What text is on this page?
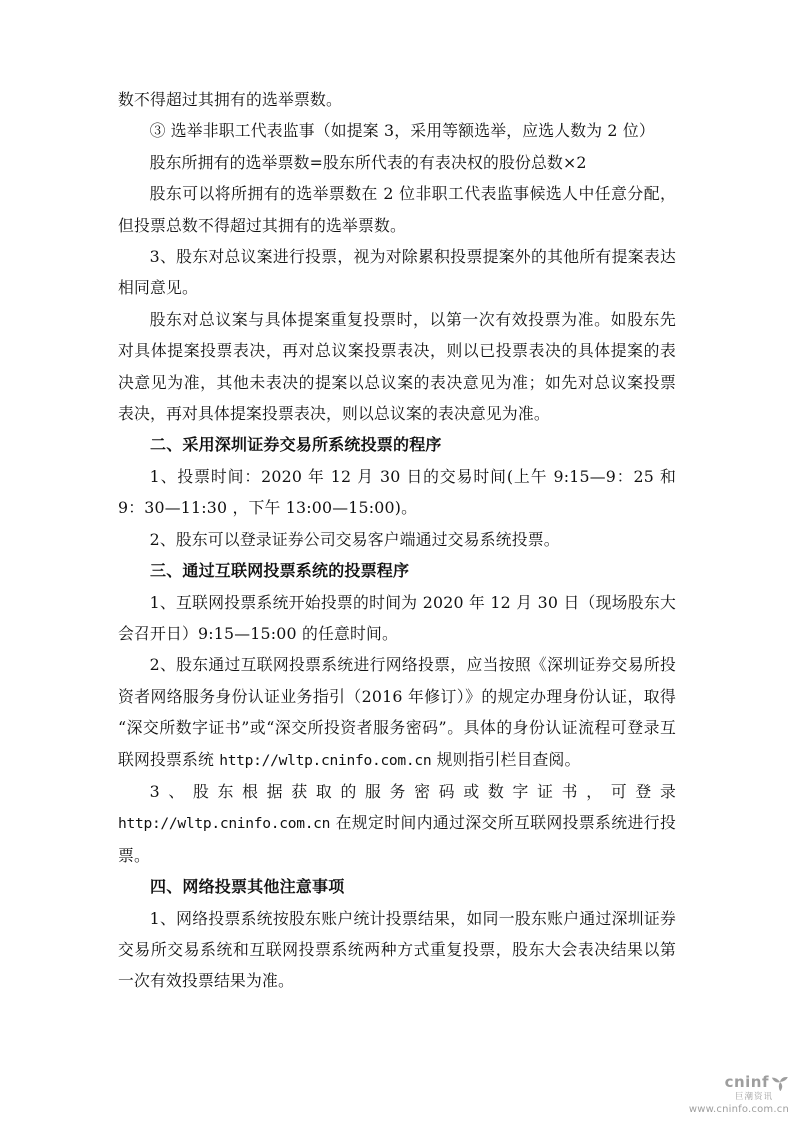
数不得超过其拥有的选举票数。
③ 选举非职工代表监事（如提案 3，采用等额选举，应选人数为 2 位）
股东所拥有的选举票数=股东所代表的有表决权的股份总数×2
股东可以将所拥有的选举票数在 2 位非职工代表监事候选人中任意分配，但投票总数不得超过其拥有的选举票数。
3、股东对总议案进行投票，视为对除累积投票提案外的其他所有提案表达相同意见。
股东对总议案与具体提案重复投票时，以第一次有效投票为准。如股东先对具体提案投票表决，再对总议案投票表决，则以已投票表决的具体提案的表决意见为准，其他未表决的提案以总议案的表决意见为准；如先对总议案投票表决，再对具体提案投票表决，则以总议案的表决意见为准。
二、采用深圳证券交易所系统投票的程序
1、投票时间：2020 年 12 月 30 日的交易时间(上午 9:15—9：25 和 9：30—11:30 ，下午 13:00—15:00)。
2、股东可以登录证券公司交易客户端通过交易系统投票。
三、通过互联网投票系统的投票程序
1、互联网投票系统开始投票的时间为 2020 年 12 月 30 日（现场股东大会召开日）9:15—15:00 的任意时间。
2、股东通过互联网投票系统进行网络投票，应当按照《深圳证券交易所投资者网络服务身份认证业务指引（2016 年修订）》的规定办理身份认证，取得“深交所数字证书”或“深交所投资者服务密码”。具体的身份认证流程可登录互联网投票系统 http://wltp.cninfo.com.cn 规则指引栏目查阅。
3、股东根据获取的服务密码或数字证书，可登录 http://wltp.cninfo.com.cn 在规定时间内通过深交所互联网投票系统进行投票。
四、网络投票其他注意事项
1、网络投票系统按股东账户统计投票结果，如同一股东账户通过深圳证券交易所交易系统和互联网投票系统两种方式重复投票，股东大会表决结果以第一次有效投票结果为准。
cninf
巨潮资讯
www.cninfo.com.cn
